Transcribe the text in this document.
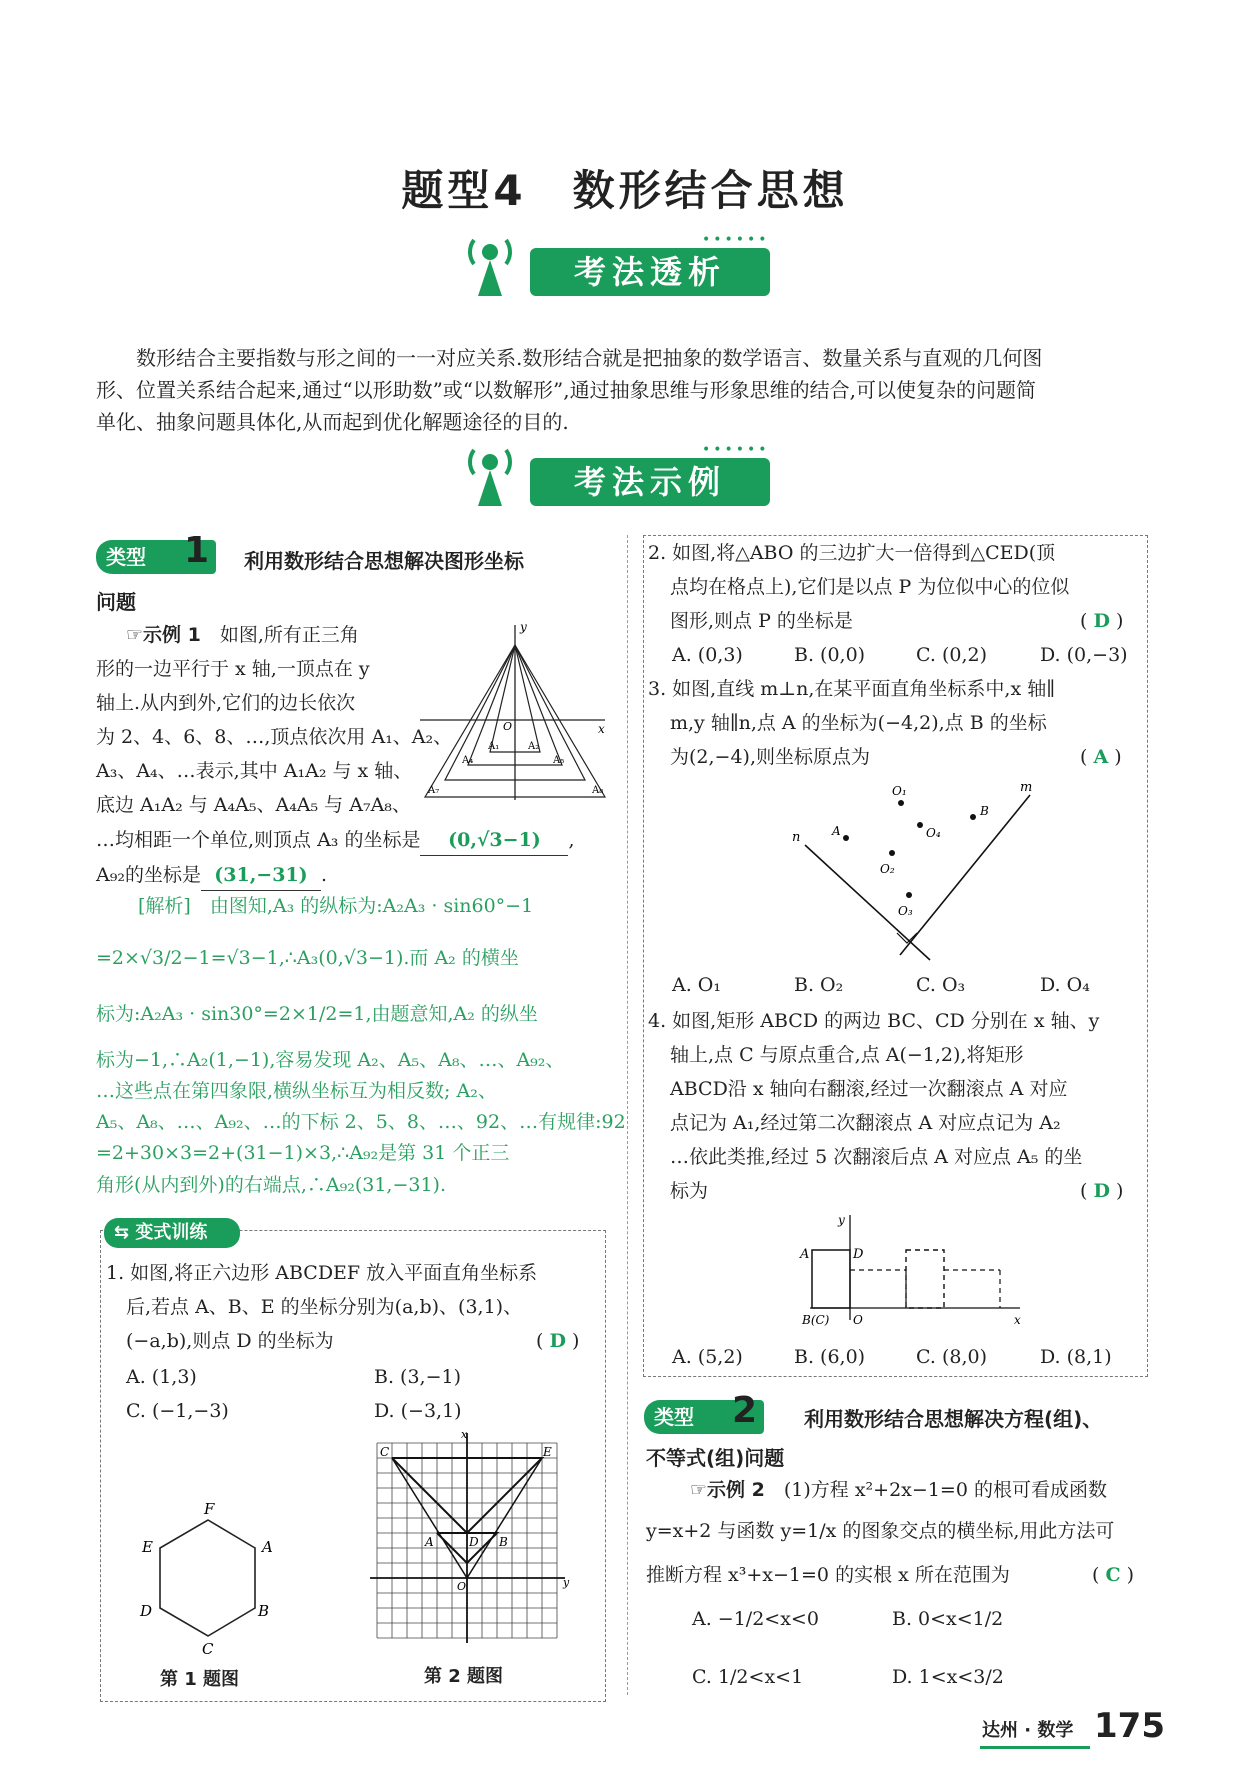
题型4　数形结合思想
考法透析
••••••
数形结合主要指数与形之间的一一对应关系.数形结合就是把抽象的数学语言、数量关系与直观的几何图
形、位置关系结合起来,通过“以形助数”或“以数解形”,通过抽象思维与形象思维的结合,可以使复杂的问题简
单化、抽象问题具体化,从而起到优化解题途径的目的.
考法示例
••••••
类型 1 利用数形结合思想解决图形坐标
问题
☞示例 1　 如图,所有正三角
形的一边平行于 x 轴,一顶点在 y
轴上.从内到外,它们的边长依次
为 2、4、6、8、…,顶点依次用 A₁、A₂、
A₃、A₄、…表示,其中 A₁A₂ 与 x 轴、
底边 A₁A₂ 与 A₄A₅、A₄A₅ 与 A₇A₈、
…均相距一个单位,则顶点 A₃ 的坐标是 (0,√3−1) ,
A₉₂的坐标是 (31,−31) .
y
x
O
A₁	A₂
A₄	A₅
A₇	A₈
[解析]　由图知,A₃ 的纵标为:A₂A₃ · sin60°−1
=2×√3/2−1=√3−1,∴A₃(0,√3−1).而 A₂ 的横坐
标为:A₂A₃ · sin30°=2×1/2=1,由题意知,A₂ 的纵坐
标为−1,∴A₂(1,−1),容易发现 A₂、A₅、A₈、…、A₉₂、
…这些点在第四象限,横纵坐标互为相反数; A₂、
A₅、A₈、…、A₉₂、…的下标 2、5、8、…、92、…有规律:92
=2+30×3=2+(31−1)×3,∴A₉₂是第 31 个正三
角形(从内到外)的右端点,∴A₉₂(31,−31).
⇆ 变式训练
1. 如图,将正六边形 ABCDEF 放入平面直角坐标系
后,若点 A、B、E 的坐标分别为(a,b)、(3,1)、
(−a,b),则点 D 的坐标为	( D )
A. (1,3)	B. (3,−1)
C. (−1,−3)	D. (−3,1)
F
A
E
B
D
C
第 1 题图
x
y
C	E
A	B
D
O
第 2 题图
2. 如图,将△ABO 的三边扩大一倍得到△CED(顶
点均在格点上),它们是以点 P 为位似中心的位似
图形,则点 P 的坐标是	( D )
A. (0,3)	B. (0,0)	C. (0,2)	D. (0,−3)
3. 如图,直线 m⊥n,在某平面直角坐标系中,x 轴∥
m,y 轴∥n,点 A 的坐标为(−4,2),点 B 的坐标
为(2,−4),则坐标原点为	( A )
n
m
O₁
A	O₄
B
O₂
O₃
A. O₁	B. O₂	C. O₃	D. O₄
4. 如图,矩形 ABCD 的两边 BC、CD 分别在 x 轴、y
轴上,点 C 与原点重合,点 A(−1,2),将矩形
ABCD沿 x 轴向右翻滚,经过一次翻滚点 A 对应
点记为 A₁,经过第二次翻滚点 A 对应点记为 A₂
…依此类推,经过 5 次翻滚后点 A 对应点 A₅ 的坐
标为	( D )
y
x
A	D
B(C) O
A. (5,2)	B. (6,0)	C. (8,0)	D. (8,1)
类型 2 利用数形结合思想解决方程(组)、
不等式(组)问题
☞示例 2　 (1)方程 x²+2x−1=0 的根可看成函数
y=x+2 与函数 y=1/x 的图象交点的横坐标,用此方法可
推断方程 x³+x−1=0 的实根 x 所在范围为	( C )
A. −1/2<x<0	B. 0<x<1/2
C. 1/2<x<1	D. 1<x<3/2
达州 · 数学 175
